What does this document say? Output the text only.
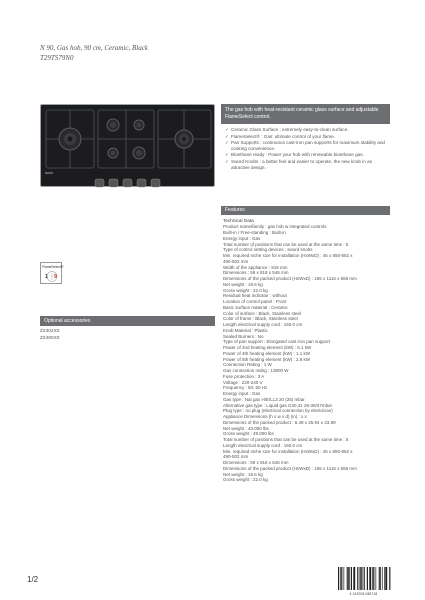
N 90, Gas hob, 90 cm, Ceramic, Black
T29TS79N0
The gas hob with heat-resistant ceramic glass surface and adjustable FlameSelect control.
✓ Ceramic Glass Surface : extremely easy-to-clean surface.
✓ FlameSelect® : Gas: ultimate control of your flame.
✓ Pan Supports : continuous cast-iron pan supports for maximum stability and cooking convenience.
✓ Bioethane ready : Power your hob with renewable bioethane gas.
✓ Sword Knobs : a better feel and easier to operate, the new knob in an attractive design.
Features
Technical Data
Product name/family : gas hob w integrated controls
Built-in / Free-standing : Built-in
Energy input : Gas
Total number of positions that can be used at the same time : 5
Type of control setting devices : sword knobs
Min. required niche size for installation (HxWxD) : 45 x 850-852 x
490-502 mm
Width of the appliance : 915 mm
Dimensions : 59 x 918 x 546 mm
Dimensions of the packed product (HxWxD) : 165 x 1116 x 659 mm
Net weight : 19.6 kg
Gross weight : 22.0 kg
Residual heat indicator : without
Location of control panel : Front
Basic surface material : Ceramic
Color of surface : Black, Stainless steel
Color of frame : Black, Stainless steel
Length electrical supply cord : 150.0 cm
Knob Material : Plastic
Sealed Burners : No
Type of pan support : Elongated cast iron pan support
Power of 2nd heating element (kW) : 6.1 kW
Power of 4th heating element (kW) : 1.1 kW
Power of 5th heating element (kW) : 2.8 kW
Connection Rating : 1 W
Gas connection rating : 13800 W
Fuse protection : 3 A
Voltage : 220-240 V
Frequency : 50; 60 Hz
Energy input : Gas
Gas type : Nat gas H/E/LL3 20 (25) mbar
Alternative gas type : Liquid gas G30,31 28-30/37mbar
Plug type : no plug (electrical connection by electrician)
Appliance Dimensions (h x w x d) (in) : x x
Dimensions of the packed product : 6.49 x 25.94 x 43.99
Net weight : 43.000 lbs
Gross weight : 49.000 lbs
Total number of positions that can be used at the same time : 5
Length electrical supply cord : 150.0 cm
Min. required niche size for installation (HxWxD) : 45 x 850-852 x
490-502 mm
Dimensions : 59 x 918 x 546 mm
Dimensions of the packed product (HxWxD) : 165 x 1116 x 659 mm
Net weight : 19.6 kg
Gross weight : 22.0 kg
FlameSelect®
1 9
Optional accessories
Z2402X0
Z2480X0
1/2
4 242005 088718
